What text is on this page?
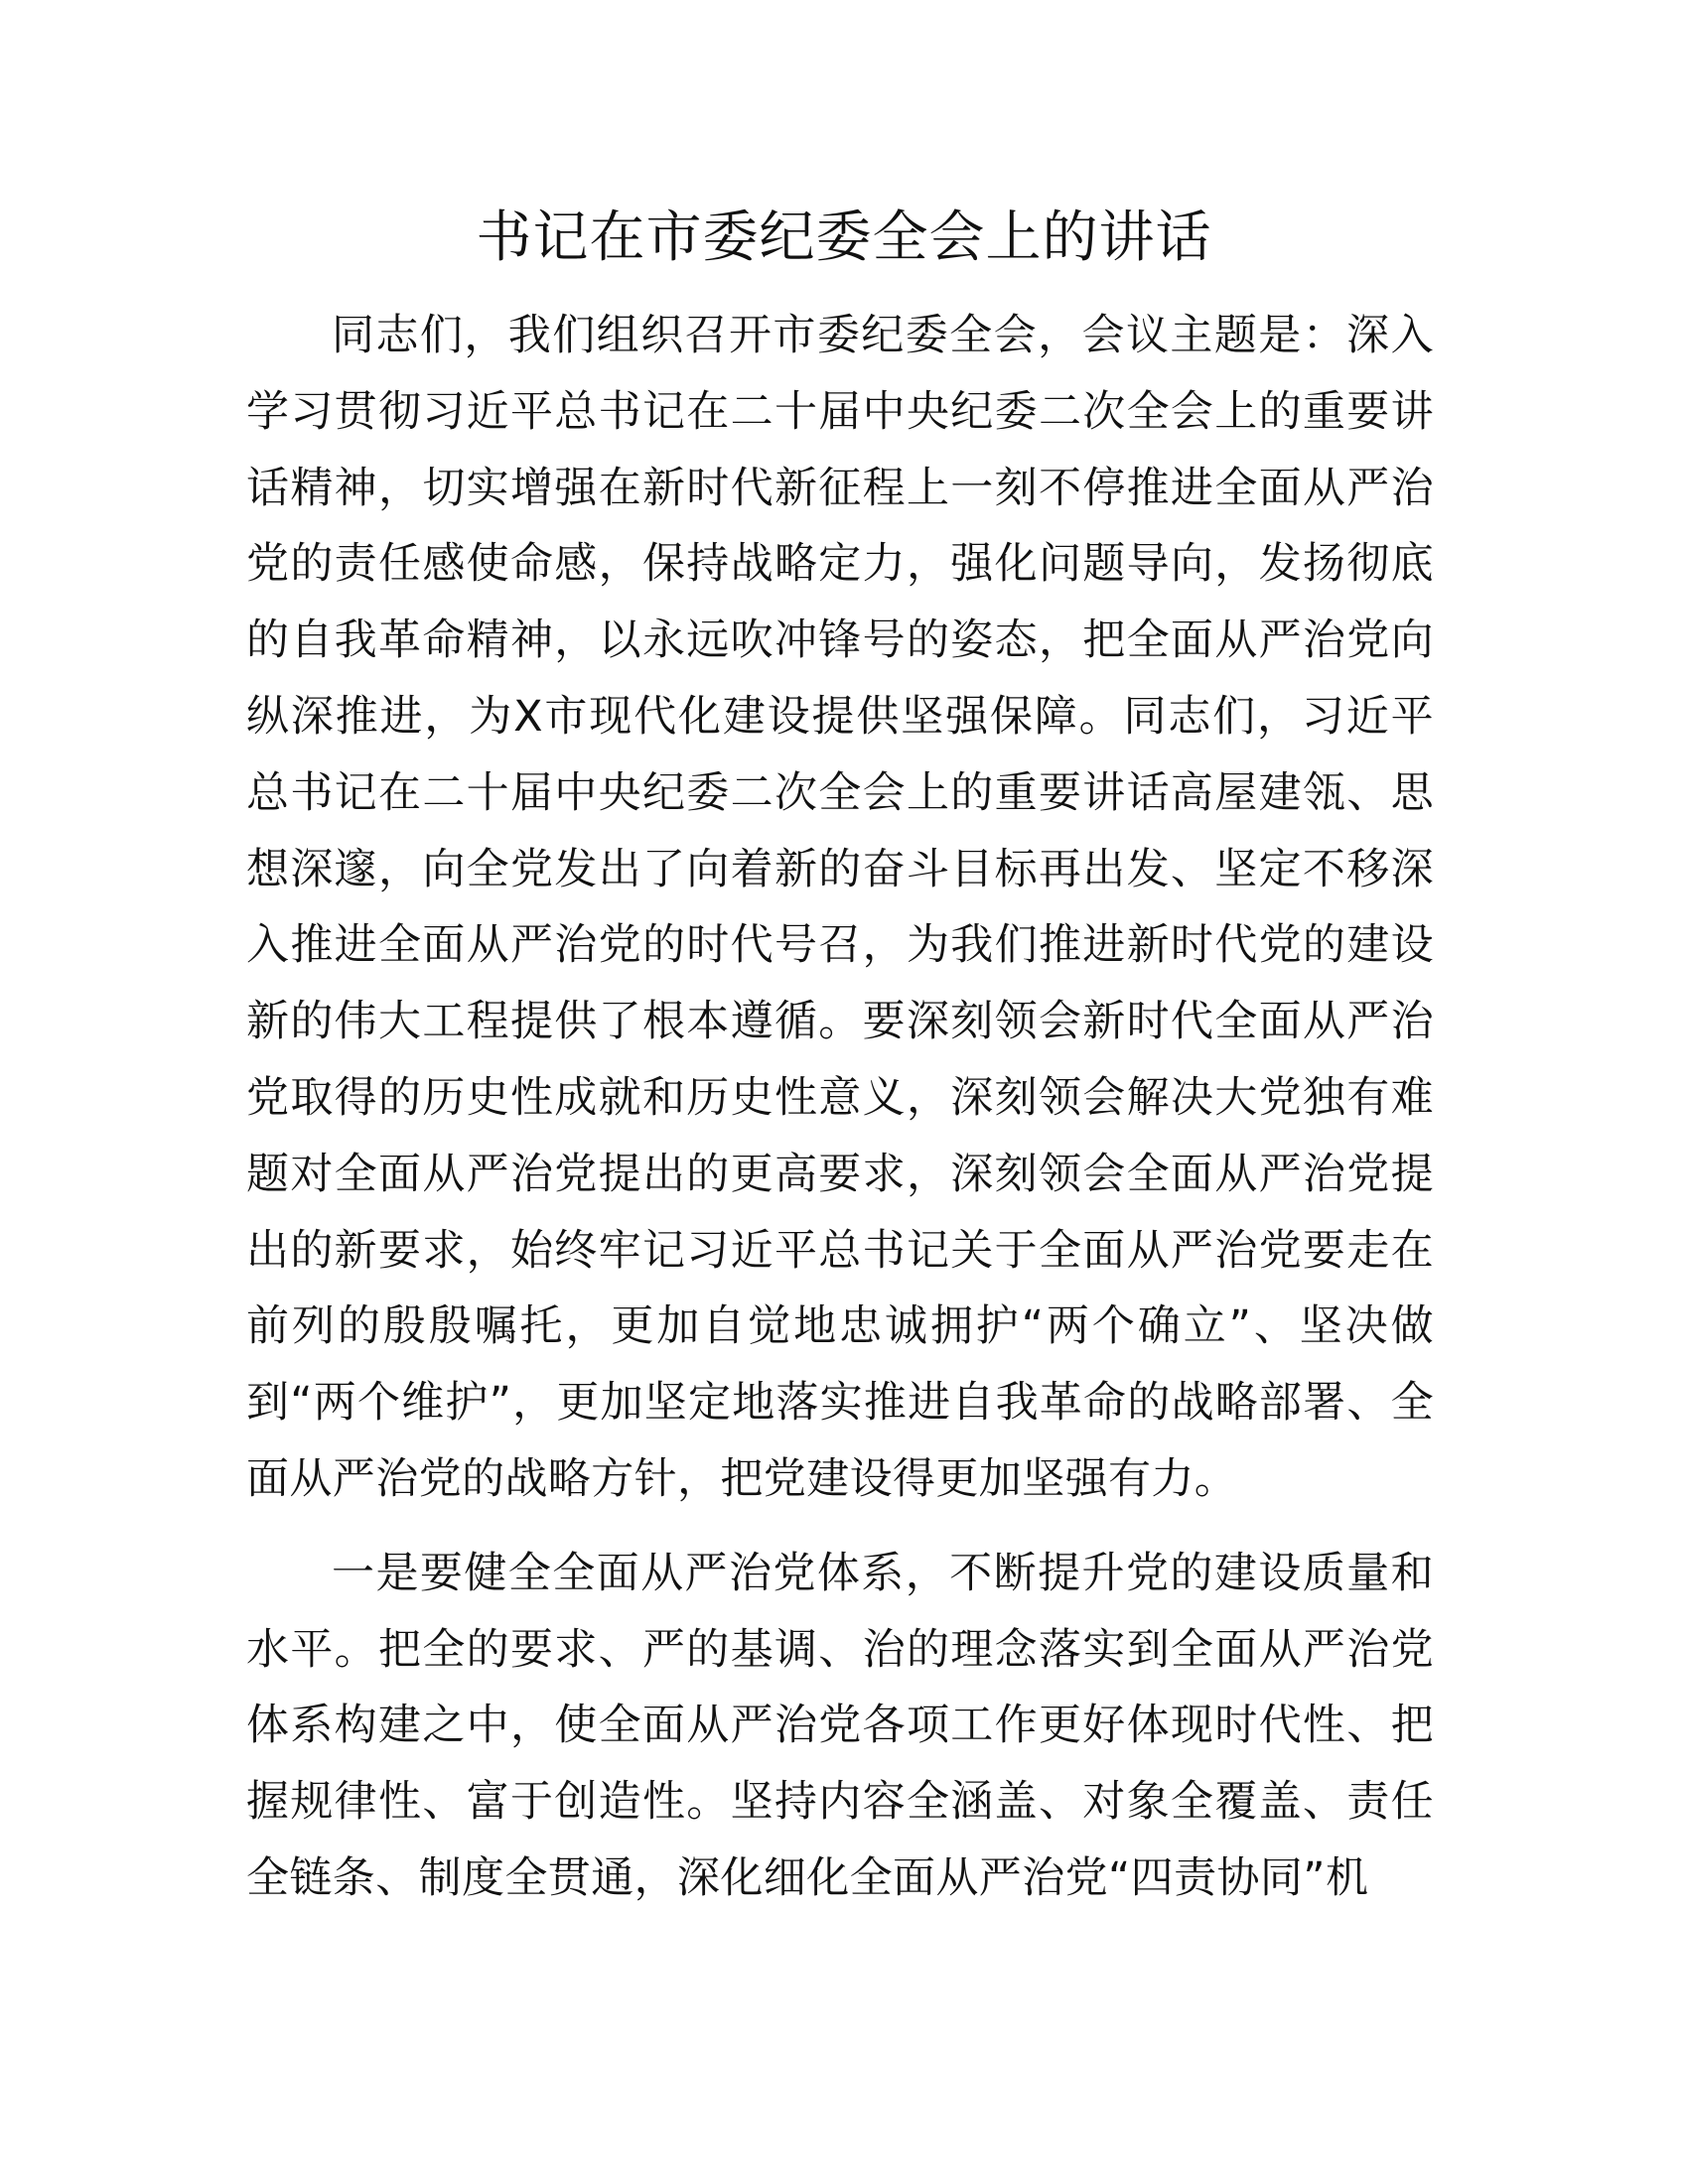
书记在市委纪委全会上的讲话

同志们，我们组织召开市委纪委全会，会议主题是：深入学习贯彻习近平总书记在二十届中央纪委二次全会上的重要讲话精神，切实增强在新时代新征程上一刻不停推进全面从严治党的责任感使命感，保持战略定力，强化问题导向，发扬彻底的自我革命精神，以永远吹冲锋号的姿态，把全面从严治党向纵深推进，为X市现代化建设提供坚强保障。同志们，习近平总书记在二十届中央纪委二次全会上的重要讲话高屋建瓴、思想深邃，向全党发出了向着新的奋斗目标再出发、坚定不移深入推进全面从严治党的时代号召，为我们推进新时代党的建设新的伟大工程提供了根本遵循。要深刻领会新时代全面从严治党取得的历史性成就和历史性意义，深刻领会解决大党独有难题对全面从严治党提出的更高要求，深刻领会全面从严治党提出的新要求，始终牢记习近平总书记关于全面从严治党要走在前列的殷殷嘱托，更加自觉地忠诚拥护“两个确立”、坚决做到“两个维护”，更加坚定地落实推进自我革命的战略部署、全面从严治党的战略方针，把党建设得更加坚强有力。

一是要健全全面从严治党体系，不断提升党的建设质量和水平。把全的要求、严的基调、治的理念落实到全面从严治党体系构建之中，使全面从严治党各项工作更好体现时代性、把握规律性、富于创造性。坚持内容全涵盖、对象全覆盖、责任全链条、制度全贯通，深化细化全面从严治党“四责协同”机
